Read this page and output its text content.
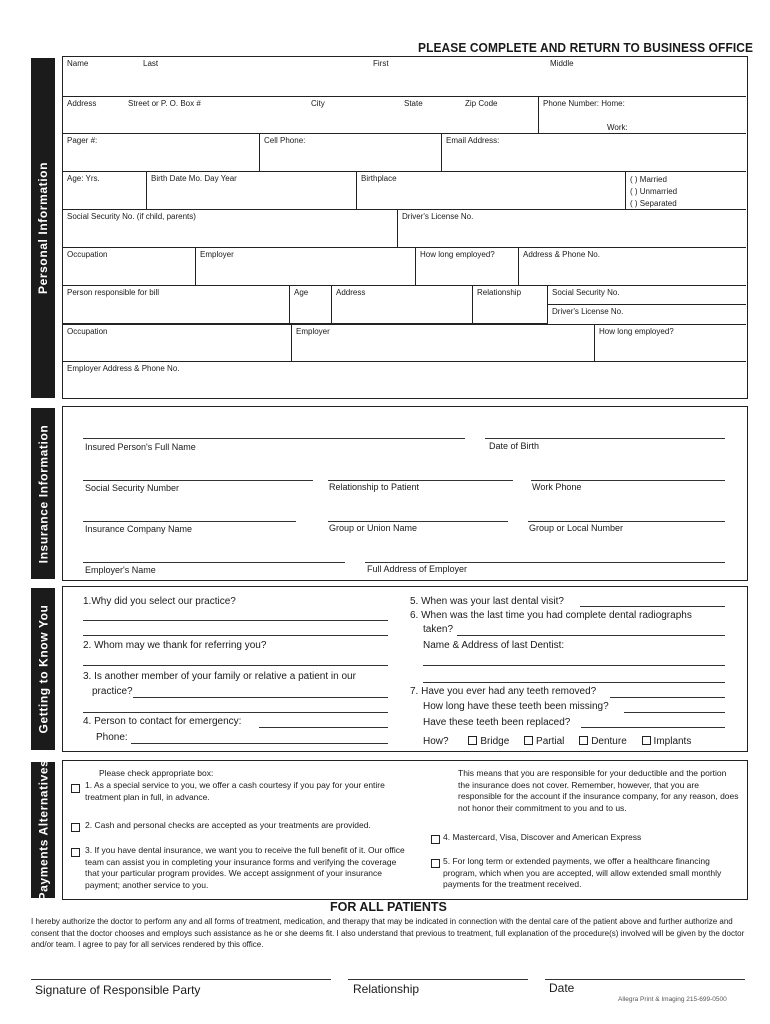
PLEASE COMPLETE AND RETURN TO BUSINESS OFFICE
Personal Information
Name	Last	First	Middle
Address	Street or P. O. Box #	City	State	Zip Code	Phone Number: Home:
Work:
Pager #:	Cell Phone:	Email Address:
Age: Yrs.	Birth Date Mo. Day Year	Birthplace	( ) Married
( ) Unmarried
( ) Separated
Social Security No. (if child, parents)	Driver's License No.
Occupation	Employer	How long employed?	Address & Phone No.
Person responsible for bill	Age	Address	Relationship	Social Security No.
Driver's License No.
Occupation	Employer	How long employed?
Employer Address & Phone No.
Insurance Information	Insured Person's Full Name	Date of Birth
Social Security Number	Relationship to Patient	Work Phone
Insurance Company Name	Group or Union Name	Group or Local Number
Employer's Name	Full Address of Employer
Getting to Know You
1.Why did you select our practice?
2. Whom may we thank for referring you?
3. Is another member of your family or relative a patient in our
practice?
4. Person to contact for emergency:
Phone:
5. When was your last dental visit?
6. When was the last time you had complete dental radiographs
taken?
Name & Address of last Dentist:
7. Have you ever had any teeth removed?
How long have these teeth been missing?
Have these teeth been replaced?
How?	Bridge	Partial	Denture	Implants
Payments Alternatives	Please check appropriate box:
1. As a special service to you, we offer a cash courtesy if you pay for your entire treatment plan in full, in advance.
2. Cash and personal checks are accepted as your treatments are provided.
3. If you have dental insurance, we want you to receive the full benefit of it. Our office team can assist you in completing your insurance forms and verifying the coverage that your particular program provides. We accept assignment of your insurance payment; another service to you.
This means that you are responsible for your deductible and the portion the insurance does not cover. Remember, however, that you are responsible for the account if the insurance company, for any reason, does not honor their commitment to you and to us.
4. Mastercard, Visa, Discover and American Express
5. For long term or extended payments, we offer a healthcare financing program, which when you are accepted, will allow extended small monthly payments for the treatment received.
FOR ALL PATIENTS
I hereby authorize the doctor to perform any and all forms of treatment, medication, and therapy that may be indicated in connection with the dental care of the patient above and further authorize and consent that the doctor chooses and employs such assistance as he or she deems fit. I also understand that previous to treatment, full explanation of the procedure(s) involved will be given by the doctor and/or team. I agree to pay for all services rendered by this office.
Signature of Responsible Party	Relationship	Date
Allegra Print & Imaging 215-699-0500
